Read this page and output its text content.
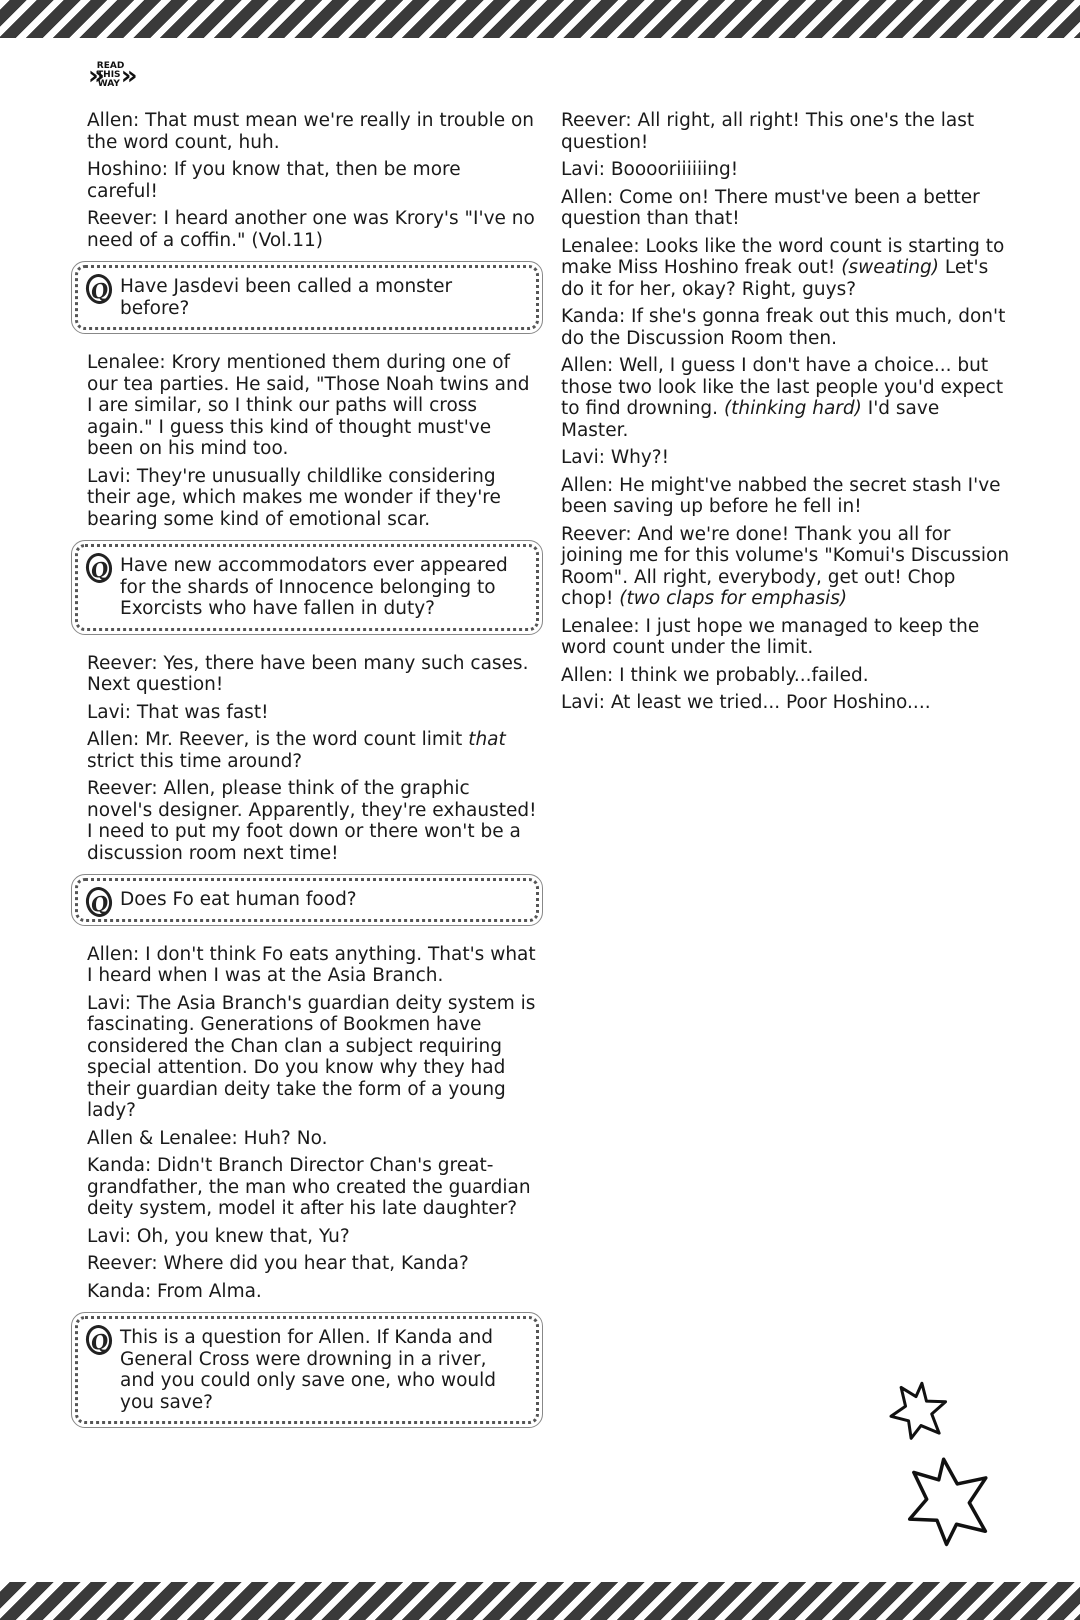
» READ
THIS
WAY »

Allen: That must mean we're really in trouble on the word count, huh.

Hoshino: If you know that, then be more careful!

Reever: I heard another one was Krory's "I've no need of a coffin." (Vol.11)

Q Have Jasdevi been called a monster before?

Lenalee: Krory mentioned them during one of our tea parties. He said, "Those Noah twins and I are similar, so I think our paths will cross again." I guess this kind of thought must've been on his mind too.

Lavi: They're unusually childlike considering their age, which makes me wonder if they're bearing some kind of emotional scar.

Q Have new accommodators ever appeared for the shards of Innocence belonging to Exorcists who have fallen in duty?

Reever: Yes, there have been many such cases. Next question!

Lavi: That was fast!

Allen: Mr. Reever, is the word count limit that strict this time around?

Reever: Allen, please think of the graphic novel's designer. Apparently, they're exhausted! I need to put my foot down or there won't be a discussion room next time!

Q Does Fo eat human food?

Allen: I don't think Fo eats anything. That's what I heard when I was at the Asia Branch.

Lavi: The Asia Branch's guardian deity system is fascinating. Generations of Bookmen have considered the Chan clan a subject requiring special attention. Do you know why they had their guardian deity take the form of a young lady?

Allen & Lenalee: Huh? No.

Kanda: Didn't Branch Director Chan's great-grandfather, the man who created the guardian deity system, model it after his late daughter?

Lavi: Oh, you knew that, Yu?

Reever: Where did you hear that, Kanda?

Kanda: From Alma.

Q This is a question for Allen. If Kanda and General Cross were drowning in a river, and you could only save one, who would you save?

Reever: All right, all right! This one's the last question!

Lavi: Booooriiiiiing!

Allen: Come on! There must've been a better question than that!

Lenalee: Looks like the word count is starting to make Miss Hoshino freak out! (sweating) Let's do it for her, okay? Right, guys?

Kanda: If she's gonna freak out this much, don't do the Discussion Room then.

Allen: Well, I guess I don't have a choice... but those two look like the last people you'd expect to find drowning. (thinking hard) I'd save Master.

Lavi: Why?!

Allen: He might've nabbed the secret stash I've been saving up before he fell in!

Reever: And we're done! Thank you all for joining me for this volume's "Komui's Discussion Room". All right, everybody, get out! Chop chop! (two claps for emphasis)

Lenalee: I just hope we managed to keep the word count under the limit.

Allen: I think we probably...failed.

Lavi: At least we tried... Poor Hoshino....
